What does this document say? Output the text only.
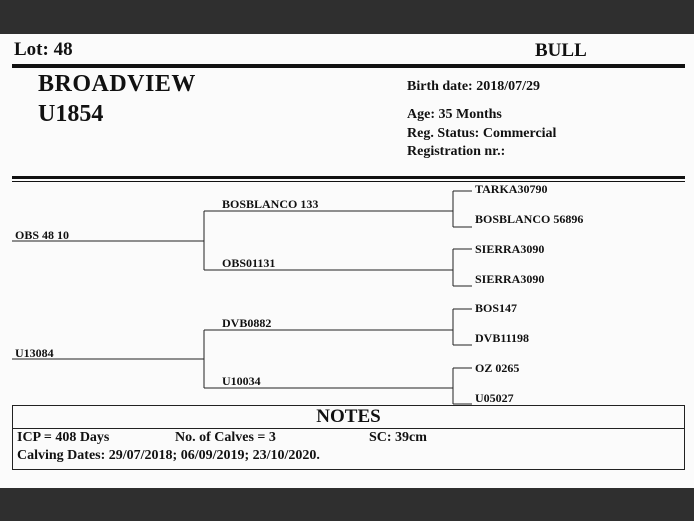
Lot: 48	BULL
BROADVIEW
U1854
Birth date: 2018/07/29
Age: 35 Months
Reg. Status: Commercial
Registration nr.:
OBS 48 10
U13084
BOSBLANCO 133
OBS01131
DVB0882
U10034
TARKA30790
BOSBLANCO 56896
SIERRA3090
SIERRA3090
BOS147
DVB11198
OZ 0265
U05027
NOTES
ICP = 408 Days	No. of Calves = 3	SC: 39cm
Calving Dates: 29/07/2018; 06/09/2019; 23/10/2020.
